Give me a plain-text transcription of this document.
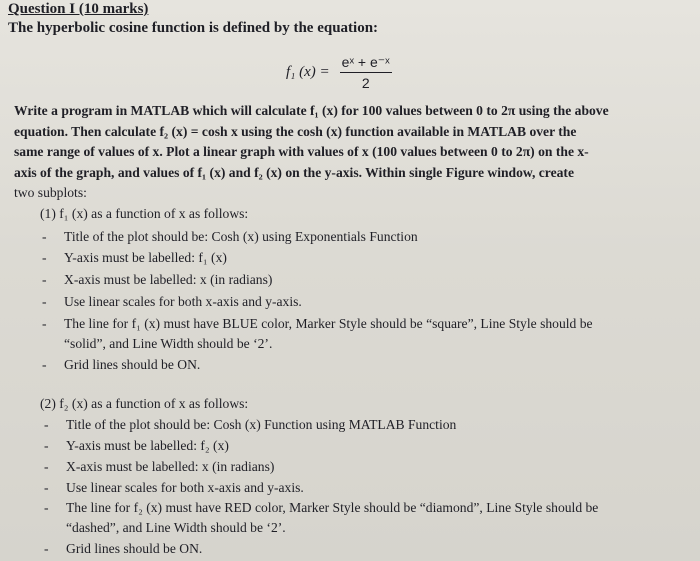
Question I (10 marks)
The hyperbolic cosine function is defined by the equation:
f₁ $(x) = \frac{\text{eˣ + e⁻ˣ}}{2}$
Write a program in MATLAB which will calculate f₁ (x) for 100 values between 0 to 2π using the above
equation. Then calculate f₂ (x) = cosh x using the cosh (x) function available in MATLAB over the
same range of values of x. Plot a linear graph with values of x (100 values between 0 to 2π) on the x-
axis of the graph, and values of f₁ (x) and f₂ (x) on the y-axis. Within single Figure window, create
two subplots:
(1) f₁ (x) as a function of x as follows:
- Title of the plot should be: Cosh (x) using Exponentials Function
- Y-axis must be labelled: f₁ (x)
- X-axis must be labelled: x (in radians)
- Use linear scales for both x-axis and y-axis.
- The line for f₁ (x) must have BLUE color, Marker Style should be “square”, Line Style should be
“solid”, and Line Width should be ‘2’.
- Grid lines should be ON.
(2) f₂ (x) as a function of x as follows:
- Title of the plot should be: Cosh (x) Function using MATLAB Function
- Y-axis must be labelled: f₂ (x)
- X-axis must be labelled: x (in radians)
- Use linear scales for both x-axis and y-axis.
- The line for f₂ (x) must have RED color, Marker Style should be “diamond”, Line Style should be
“dashed”, and Line Width should be ‘2’.
- Grid lines should be ON.
